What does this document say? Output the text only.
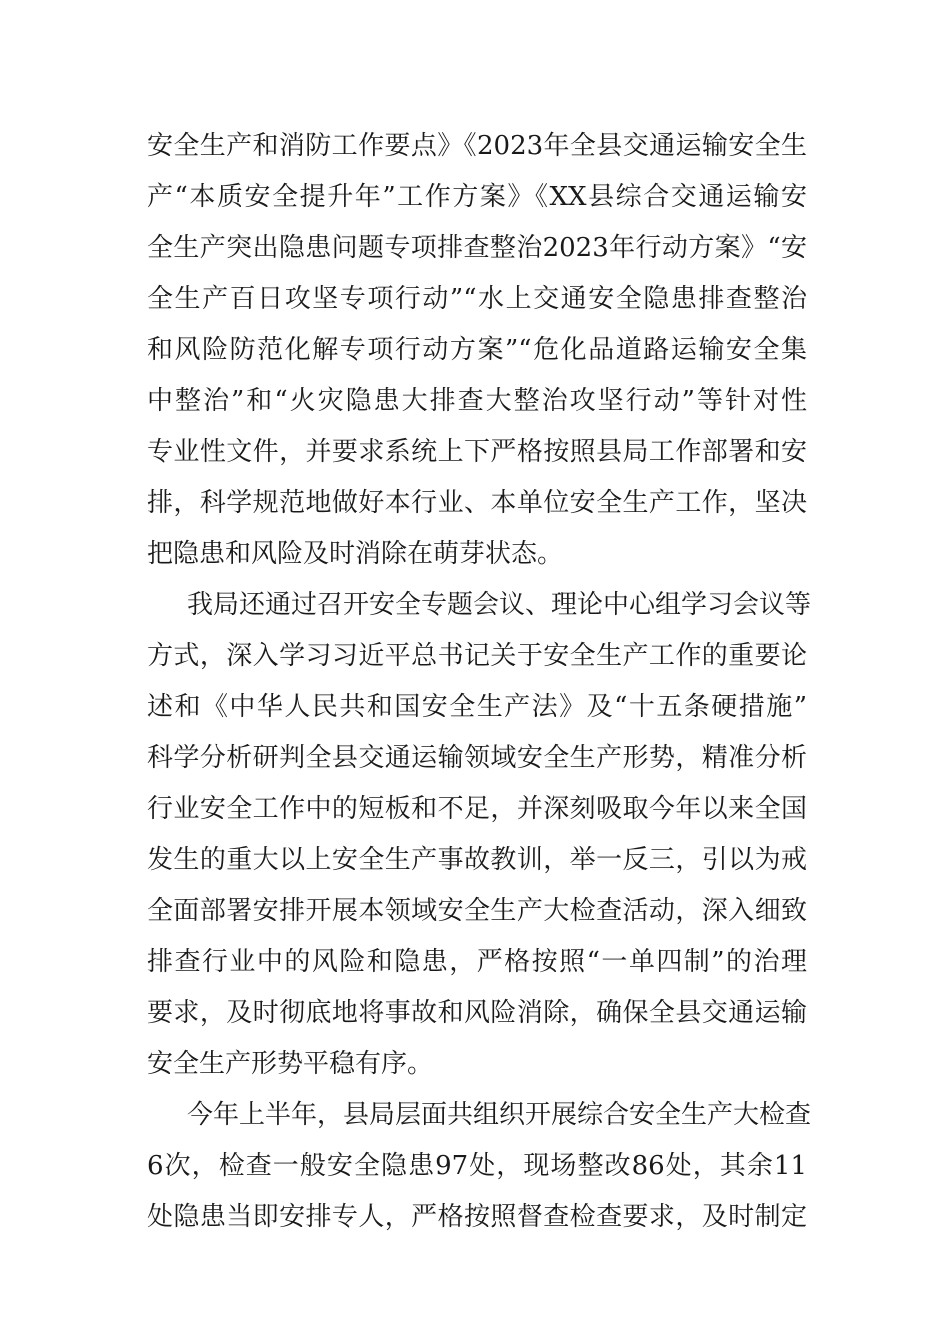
安全生产和消防工作要点》《2023年全县交通运输安全生
产“本质安全提升年”工作方案》《XX县综合交通运输安
全生产突出隐患问题专项排查整治2023年行动方案》“安
全生产百日攻坚专项行动”“水上交通安全隐患排查整治
和风险防范化解专项行动方案”“危化品道路运输安全集
中整治”和“火灾隐患大排查大整治攻坚行动”等针对性
专业性文件，并要求系统上下严格按照县局工作部署和安
排，科学规范地做好本行业、本单位安全生产工作，坚决
把隐患和风险及时消除在萌芽状态。
我局还通过召开安全专题会议、理论中心组学习会议等
方式，深入学习习近平总书记关于安全生产工作的重要论
述和《中华人民共和国安全生产法》及“十五条硬措施”
科学分析研判全县交通运输领域安全生产形势，精准分析
行业安全工作中的短板和不足，并深刻吸取今年以来全国
发生的重大以上安全生产事故教训，举一反三，引以为戒
全面部署安排开展本领域安全生产大检查活动，深入细致
排查行业中的风险和隐患，严格按照“一单四制”的治理
要求，及时彻底地将事故和风险消除，确保全县交通运输
安全生产形势平稳有序。
今年上半年，县局层面共组织开展综合安全生产大检查
6次，检查一般安全隐患97处，现场整改86处，其余11
处隐患当即安排专人，严格按照督查检查要求，及时制定
